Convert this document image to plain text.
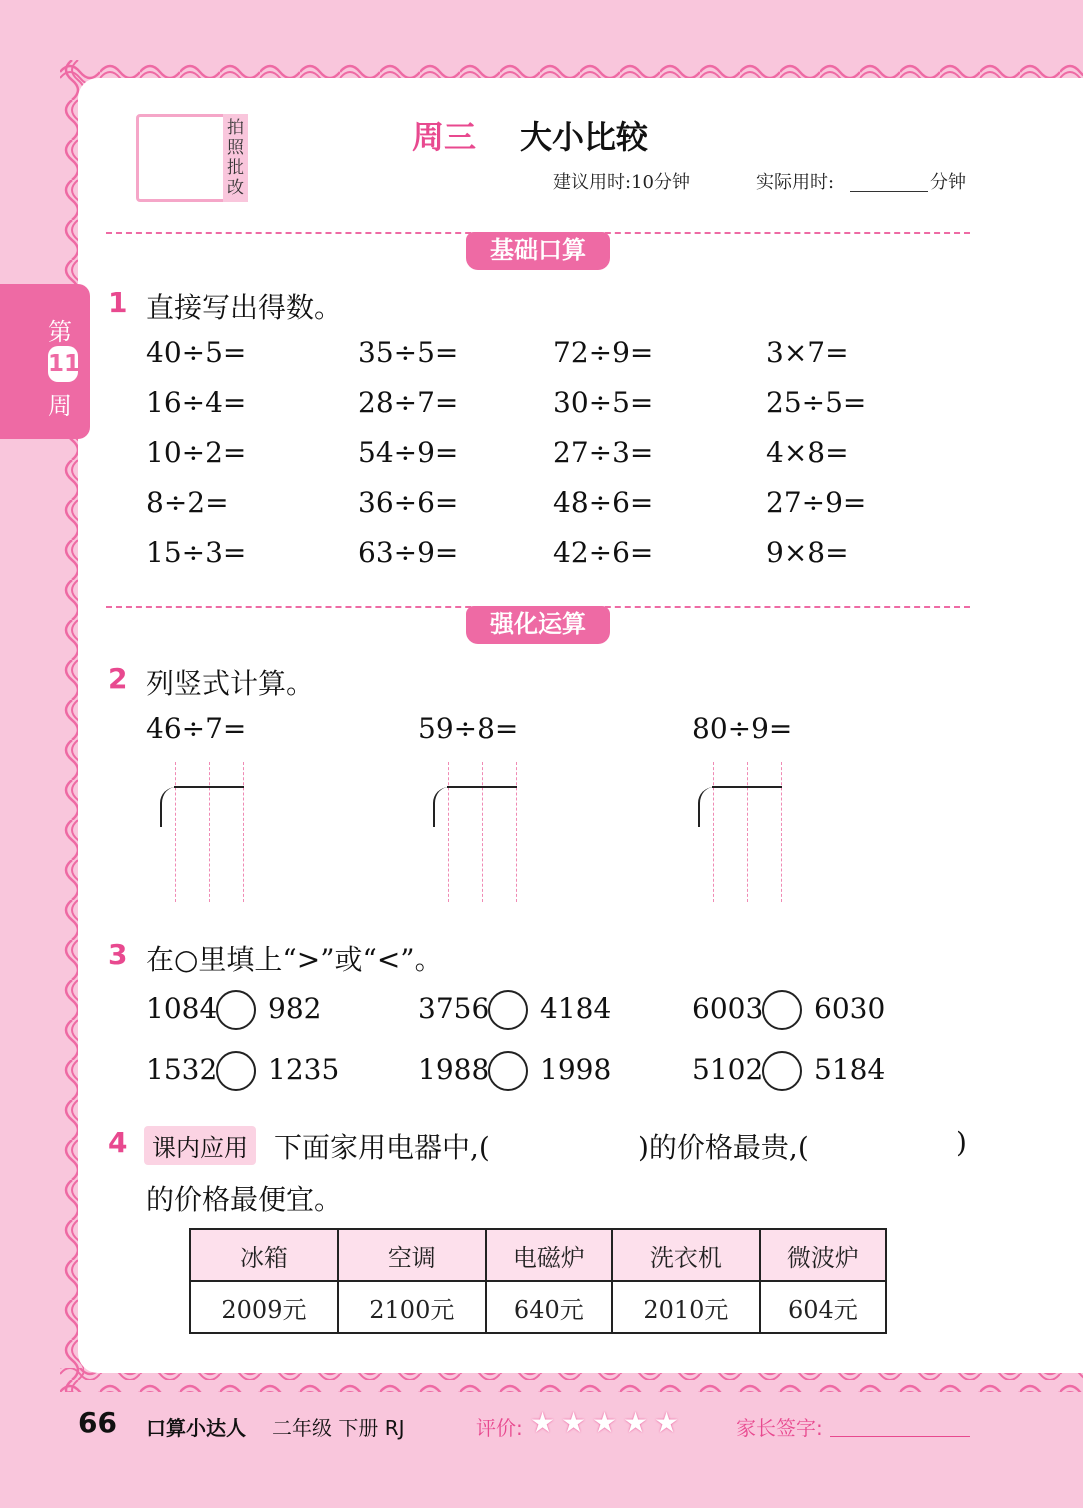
第
11
周
拍照批改
周三 大小比较
建议用时:10分钟	实际用时:	分钟
基础口算
1 直接写出得数。
40÷5=	35÷5=	72÷9=	3×7=
16÷4=	28÷7=	30÷5=	25÷5=
10÷2=	54÷9=	27÷3=	4×8=
8÷2=	36÷6=	48÷6=	27÷9=
15÷3=	63÷9=	42÷6=	9×8=
强化运算
2 列竖式计算。
46÷7=	59÷8=	80÷9=
3 在○里填上“>”或“<”。
1084 982	3756 4184	6003 6030
1532 1235	1988 1998	5102 5184
4	课内应用 下面家用电器中,(	)的价格最贵,(	)
的价格最便宜。
冰箱	空调	电磁炉	洗衣机	微波炉
2009元	2100元	640元	2010元	604元
66 口算小达人 二年级 下册 RJ	评价: ★ ★ ★ ★ ★	家长签字:
